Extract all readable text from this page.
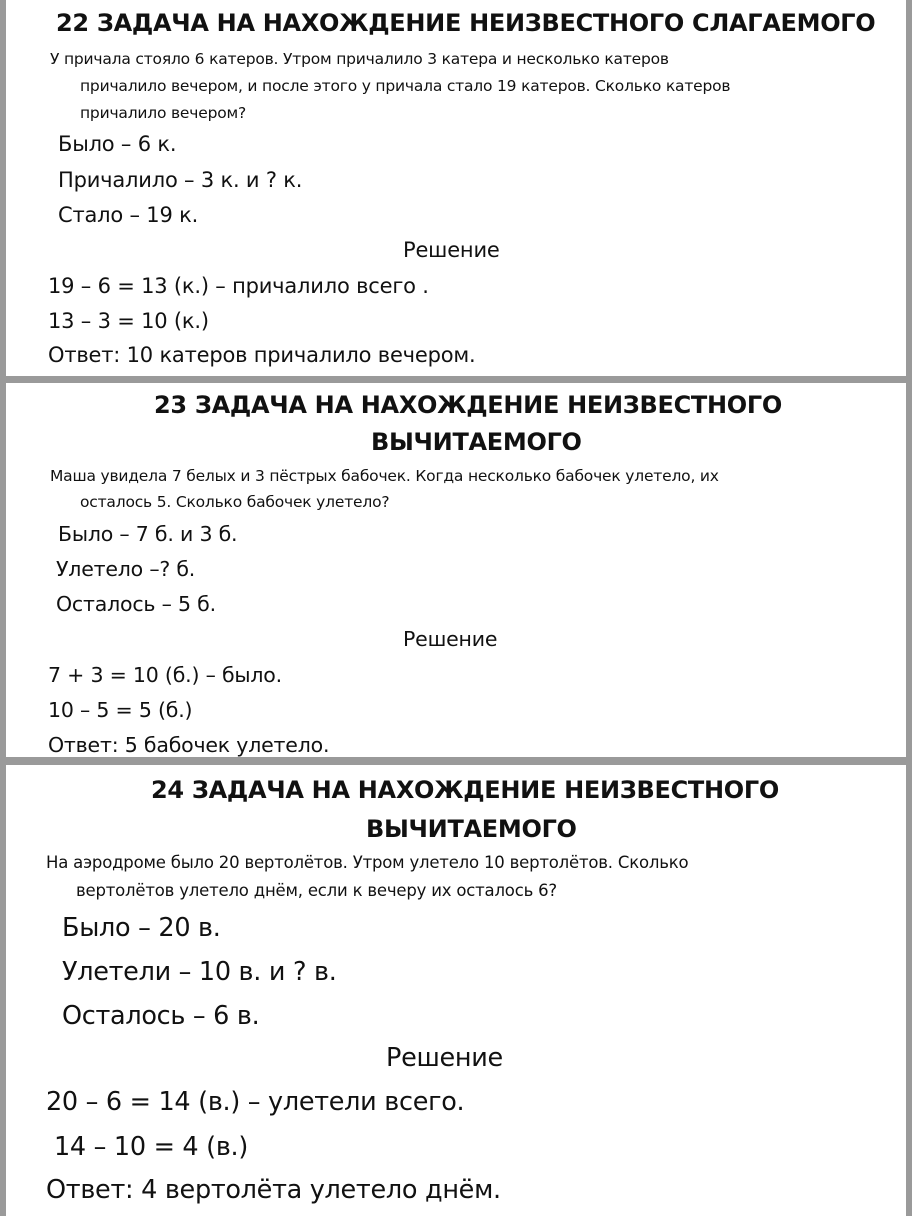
22 ЗАДАЧА НА НАХОЖДЕНИЕ НЕИЗВЕСТНОГО СЛАГАЕМОГО

У причала стояло 6 катеров. Утром причалило 3 катера и несколько катеров

причалило вечером, и после этого у причала стало 19 катеров. Сколько катеров

причалило вечером?

Было – 6 к.

Причалило – 3 к. и ? к.

Стало – 19 к.

Решение

19 – 6 = 13 (к.) – причалило всего .

13 – 3 = 10 (к.)

Ответ: 10 катеров причалило вечером.

23 ЗАДАЧА НА НАХОЖДЕНИЕ НЕИЗВЕСТНОГО
ВЫЧИТАЕМОГО

Маша увидела 7 белых и 3 пёстрых бабочек. Когда несколько бабочек улетело, их

осталось 5. Сколько бабочек улетело?

Было – 7 б. и 3 б.

Улетело –? б.

Осталось – 5 б.

Решение

7 + 3 = 10 (б.) – было.

10 – 5 = 5 (б.)

Ответ: 5 бабочек улетело.

24 ЗАДАЧА НА НАХОЖДЕНИЕ НЕИЗВЕСТНОГО
ВЫЧИТАЕМОГО

На аэродроме было 20 вертолётов. Утром улетело 10 вертолётов. Сколько

вертолётов улетело днём, если к вечеру их осталось 6?

Было – 20 в.

Улетели – 10 в. и ? в.

Осталось – 6 в.

Решение

20 – 6 = 14 (в.) – улетели всего.

14 – 10 = 4 (в.)

Ответ: 4 вертолёта улетело днём.
